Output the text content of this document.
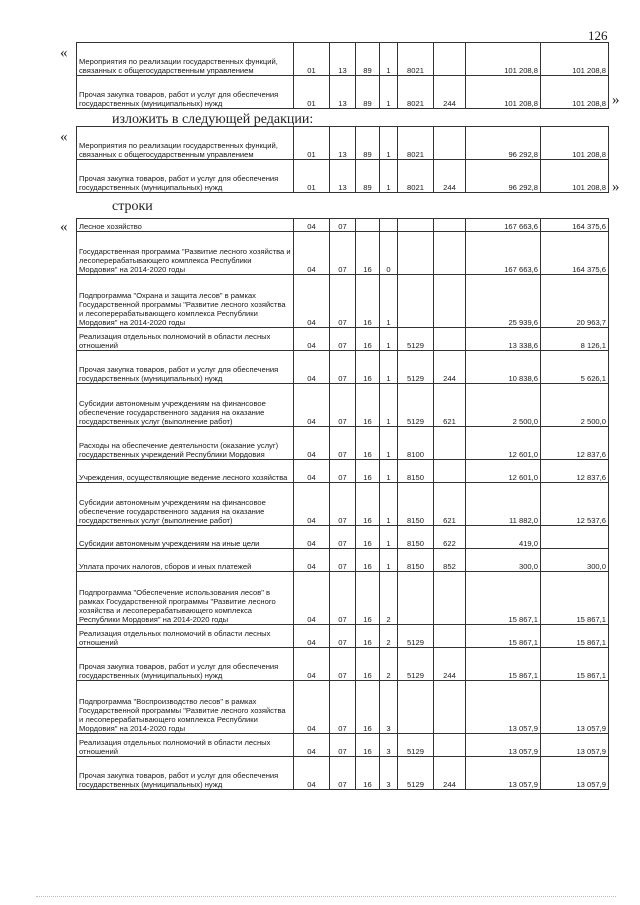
126
«
Мероприятия по реализации государственных функций, связанных с общегосударственным управлением	01	13	89	1	8021		101 208,8	101 208,8
Прочая закупка товаров, работ и услуг для обеспечения государственных (муниципальных) нужд	01	13	89	1	8021	244	101 208,8	101 208,8 »
изложить в следующей редакции:
«
Мероприятия по реализации государственных функций, связанных с общегосударственным управлением	01	13	89	1	8021		96 292,8	101 208,8
Прочая закупка товаров, работ и услуг для обеспечения государственных (муниципальных) нужд	01	13	89	1	8021	244	96 292,8	101 208,8 »
строки
« Лесное хозяйство	04	07					167 663,6	164 375,6
Государственная программа "Развитие лесного хозяйства и лесоперерабатывающего комплекса Республики Мордовия" на 2014-2020 годы	04	07	16	0			167 663,6	164 375,6
Подпрограмма "Охрана и защита лесов" в рамках Государственной программы "Развитие лесного хозяйства и лесоперерабатывающего комплекса Республики Мордовия" на 2014-2020 годы	04	07	16	1			25 939,6	20 963,7
Реализация отдельных полномочий в области лесных отношений	04	07	16	1	5129		13 338,6	8 126,1
Прочая закупка товаров, работ и услуг для обеспечения государственных (муниципальных) нужд	04	07	16	1	5129	244	10 838,6	5 626,1
Субсидии автономным учреждениям на финансовое обеспечение государственного задания на оказание государственных услуг (выполнение работ)	04	07	16	1	5129	621	2 500,0	2 500,0
Расходы на обеспечение деятельности (оказание услуг) государственных учреждений Республики Мордовия	04	07	16	1	8100		12 601,0	12 837,6
Учреждения, осуществляющие ведение лесного хозяйства	04	07	16	1	8150		12 601,0	12 837,6
Субсидии автономным учреждениям на финансовое обеспечение государственного задания на оказание государственных услуг (выполнение работ)	04	07	16	1	8150	621	11 882,0	12 537,6
Субсидии автономным учреждениям на иные цели	04	07	16	1	8150	622	419,0	
Уплата прочих налогов, сборов и иных платежей	04	07	16	1	8150	852	300,0	300,0
Подпрограмма "Обеспечение использования лесов" в рамках Государственной программы "Развитие лесного хозяйства и лесоперерабатывающего комплекса Республики Мордовия" на 2014-2020 годы	04	07	16	2			15 867,1	15 867,1
Реализация отдельных полномочий в области лесных отношений	04	07	16	2	5129		15 867,1	15 867,1
Прочая закупка товаров, работ и услуг для обеспечения государственных (муниципальных) нужд	04	07	16	2	5129	244	15 867,1	15 867,1
Подпрограмма "Воспроизводство лесов" в рамках Государственной программы "Развитие лесного хозяйства и лесоперерабатывающего комплекса Республики Мордовия" на 2014-2020 годы	04	07	16	3			13 057,9	13 057,9
Реализация отдельных полномочий в области лесных отношений	04	07	16	3	5129		13 057,9	13 057,9
Прочая закупка товаров, работ и услуг для обеспечения государственных (муниципальных) нужд	04	07	16	3	5129	244	13 057,9	13 057,9
